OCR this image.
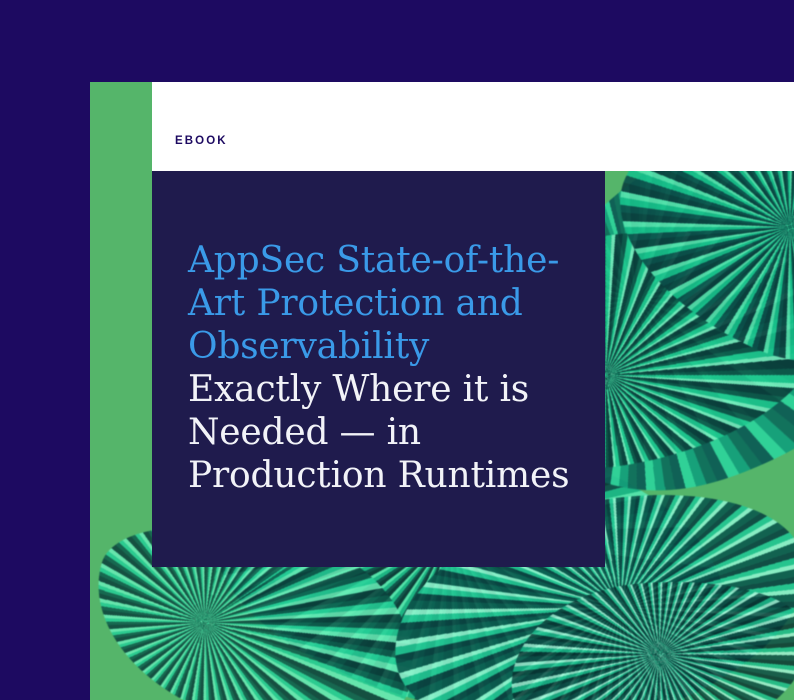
EBOOK
AppSec State-of-the-
Art Protection and
Observability
Exactly Where it is
Needed — in
Production Runtimes
